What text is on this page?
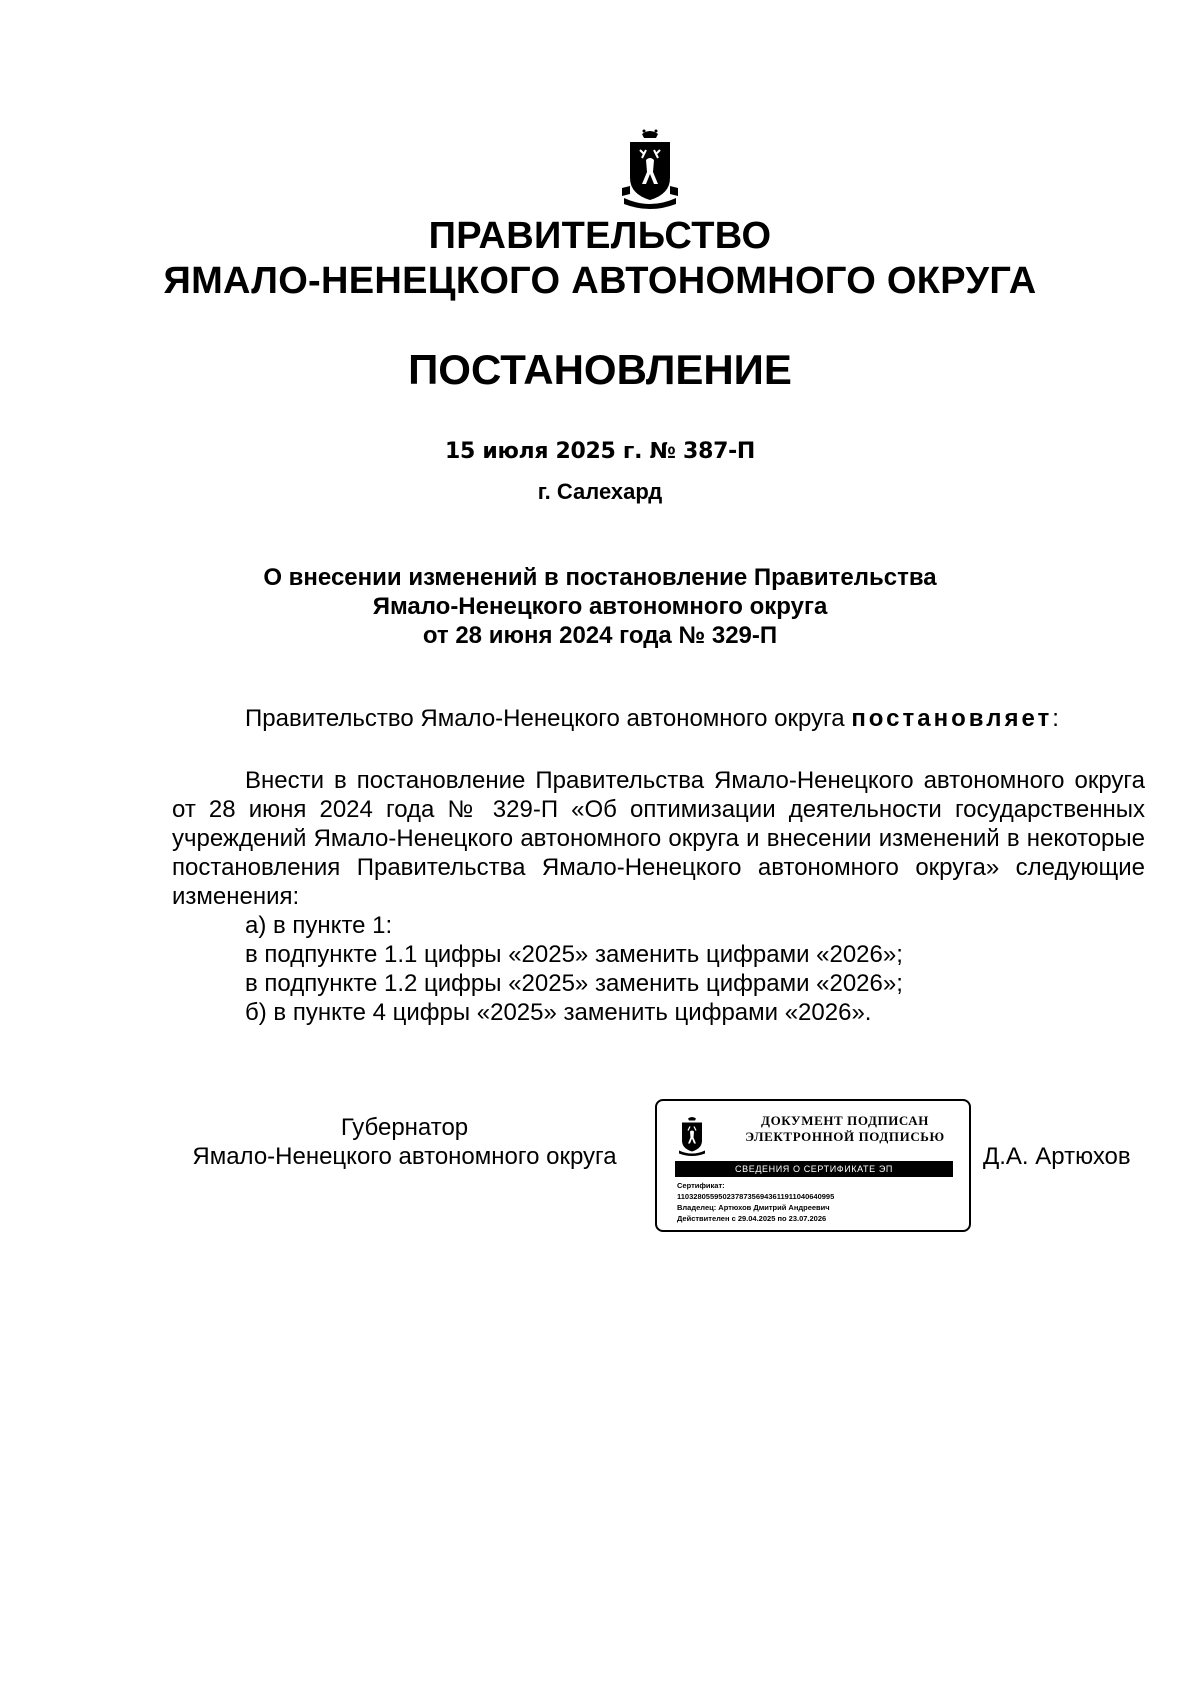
ПРАВИТЕЛЬСТВО
ЯМАЛО-НЕНЕЦКОГО АВТОНОМНОГО ОКРУГА
ПОСТАНОВЛЕНИЕ
15 июля 2025 г. № 387-П
г. Салехард
О внесении изменений в постановление Правительства
Ямало-Ненецкого автономного округа
от 28 июня 2024 года № 329-П
Правительство Ямало-Ненецкого автономного округа постановляет:
Внести в постановление Правительства Ямало-Ненецкого автономного округа от 28 июня 2024 года № 329-П «Об оптимизации деятельности государственных учреждений Ямало-Ненецкого автономного округа и внесении изменений в некоторые постановления Правительства Ямало-Ненецкого автономного округа» следующие изменения:
а) в пункте 1:
в подпункте 1.1 цифры «2025» заменить цифрами «2026»;
в подпункте 1.2 цифры «2025» заменить цифрами «2026»;
б) в пункте 4 цифры «2025» заменить цифрами «2026».
Губернатор
Ямало-Ненецкого автономного округа	Д.А. Артюхов
ДОКУМЕНТ ПОДПИСАН
ЭЛЕКТРОННОЙ ПОДПИСЬЮ
СВЕДЕНИЯ О СЕРТИФИКАТЕ ЭП
Сертификат:
11032805595023787356943611911040640995
Владелец: Артюхов Дмитрий Андреевич
Действителен с 29.04.2025 по 23.07.2026
